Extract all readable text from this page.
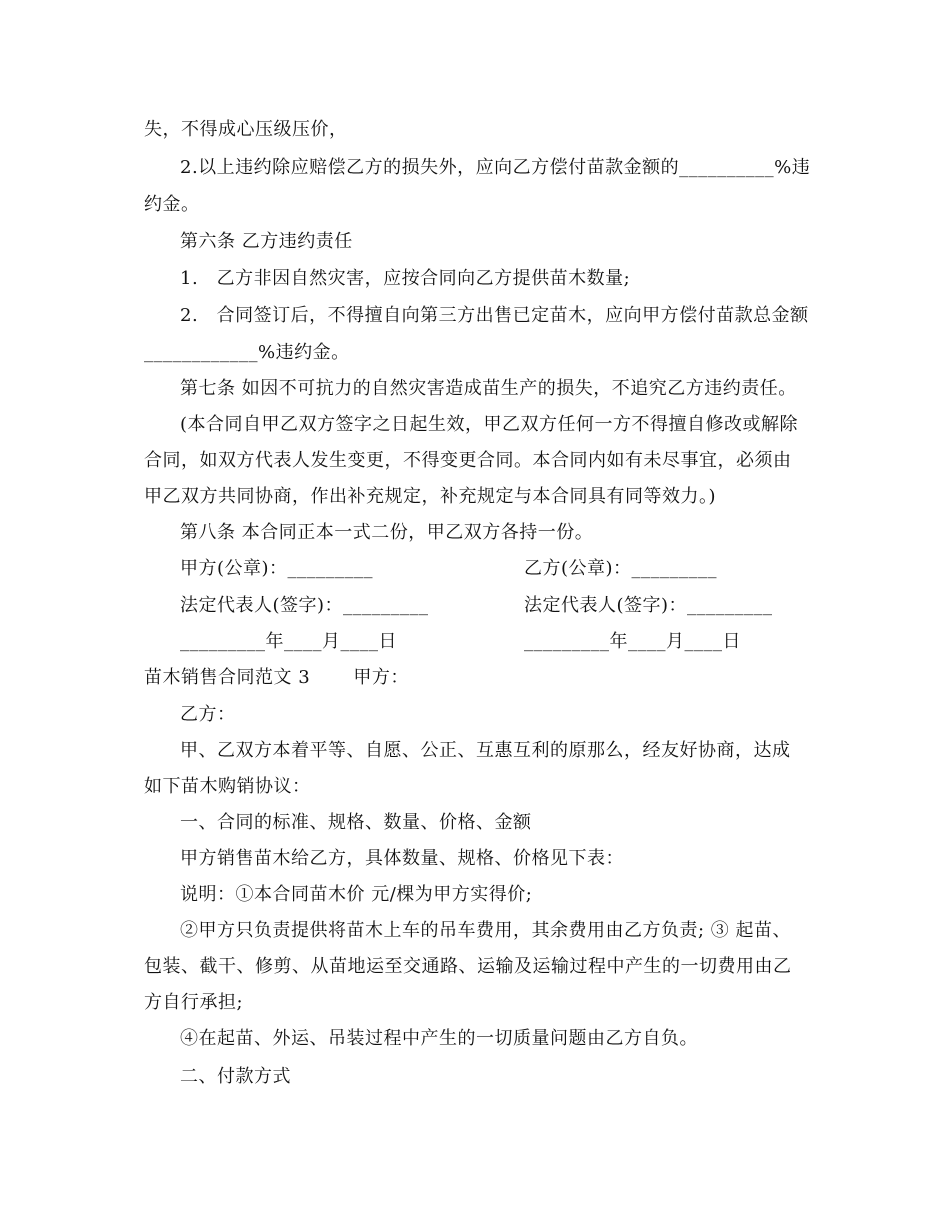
失，不得成心压级压价，
2.以上违约除应赔偿乙方的损失外，应向乙方偿付苗款金额的__________%违
约金。
第六条 乙方违约责任
1.　乙方非因自然灾害，应按合同向乙方提供苗木数量;
2.　合同签订后，不得擅自向第三方出售已定苗木，应向甲方偿付苗款总金额
____________%违约金。
第七条 如因不可抗力的自然灾害造成苗生产的损失，不追究乙方违约责任。
(本合同自甲乙双方签字之日起生效，甲乙双方任何一方不得擅自修改或解除
合同，如双方代表人发生变更，不得变更合同。本合同内如有未尽事宜，必须由
甲乙双方共同协商，作出补充规定，补充规定与本合同具有同等效力。)
第八条 本合同正本一式二份，甲乙双方各持一份。
甲方(公章)：_________	乙方(公章)：_________
法定代表人(签字)：_________	法定代表人(签字)：_________
_________年____月____日	_________年____月____日
苗木销售合同范文 3　　 甲方：
乙方：
甲、乙双方本着平等、自愿、公正、互惠互利的原那么，经友好协商，达成
如下苗木购销协议：
一、合同的标准、规格、数量、价格、金额
甲方销售苗木给乙方，具体数量、规格、价格见下表：
说明：①本合同苗木价 元/棵为甲方实得价;
②甲方只负责提供将苗木上车的吊车费用，其余费用由乙方负责; ③ 起苗、
包装、截干、修剪、从苗地运至交通路、运输及运输过程中产生的一切费用由乙
方自行承担;
④在起苗、外运、吊装过程中产生的一切质量问题由乙方自负。
二、付款方式
